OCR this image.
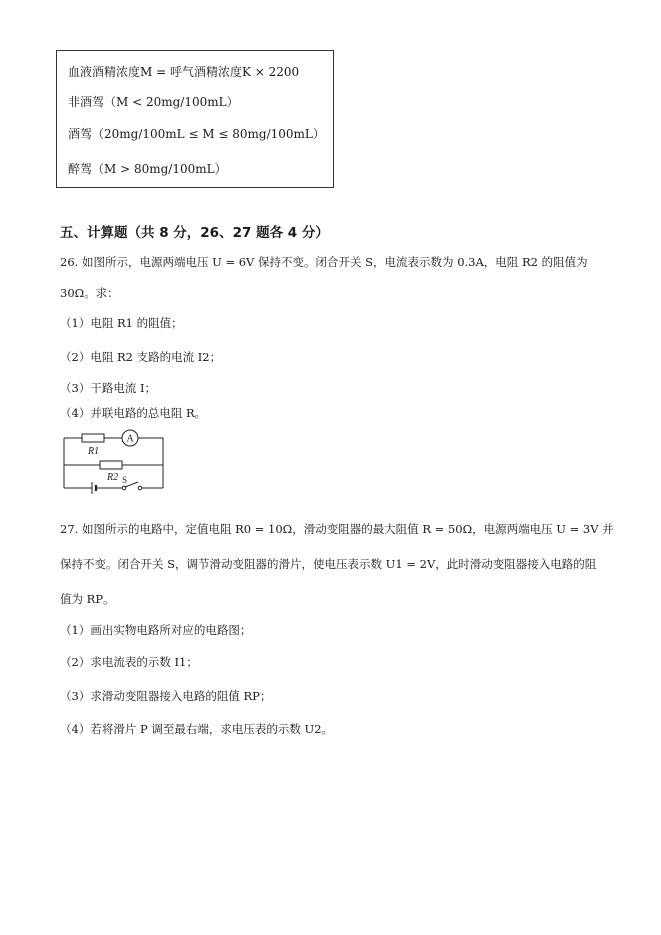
血液酒精浓度M = 呼气酒精浓度K × 2200
非酒驾（M < 20mg/100mL）
酒驾（20mg/100mL ≤ M ≤ 80mg/100mL）
醉驾（M > 80mg/100mL）
五、计算题（共 8 分，26、27 题各 4 分）
26. 如图所示，电源两端电压 U = 6V 保持不变。闭合开关 S，电流表示数为 0.3A，电阻 R2 的阻值为
30Ω。求：
（1）电阻 R1 的阻值；
（2）电阻 R2 支路的电流 I2；
（3）干路电流 I；
（4）并联电路的总电阻 R。
A
R1
R2 S
27. 如图所示的电路中，定值电阻 R0 = 10Ω，滑动变阻器的最大阻值 R = 50Ω，电源两端电压 U = 3V 并
保持不变。闭合开关 S，调节滑动变阻器的滑片，使电压表示数 U1 = 2V，此时滑动变阻器接入电路的阻
值为 RP。
（1）画出实物电路所对应的电路图；
（2）求电流表的示数 I1；
（3）求滑动变阻器接入电路的阻值 RP；
（4）若将滑片 P 调至最右端，求电压表的示数 U2。
